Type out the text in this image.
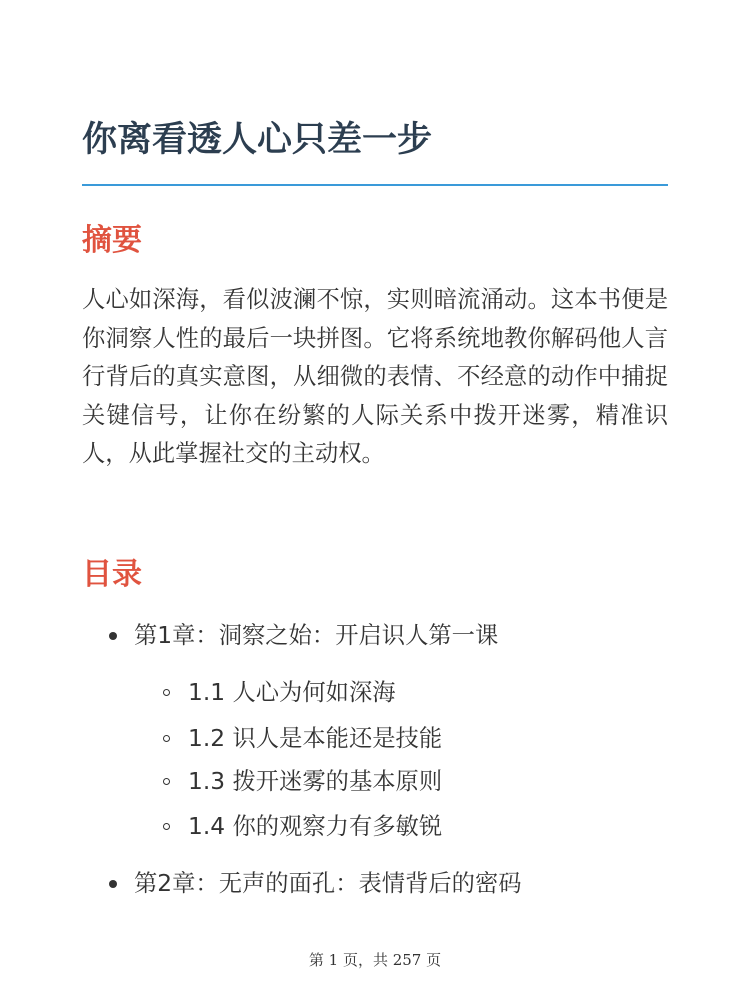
你离看透人心只差一步
摘要

人心如深海，看似波澜不惊，实则暗流涌动。这本书便是你洞察人性的最后一块拼图。它将系统地教你解码他人言行背后的真实意图，从细微的表情、不经意的动作中捕捉关键信号，让你在纷繁的人际关系中拨开迷雾，精准识人，从此掌握社交的主动权。

目录
第1章：洞察之始：开启识人第一课
1.1 人心为何如深海
1.2 识人是本能还是技能
1.3 拨开迷雾的基本原则
1.4 你的观察力有多敏锐
第2章：无声的面孔：表情背后的密码
第 1 页，共 257 页
